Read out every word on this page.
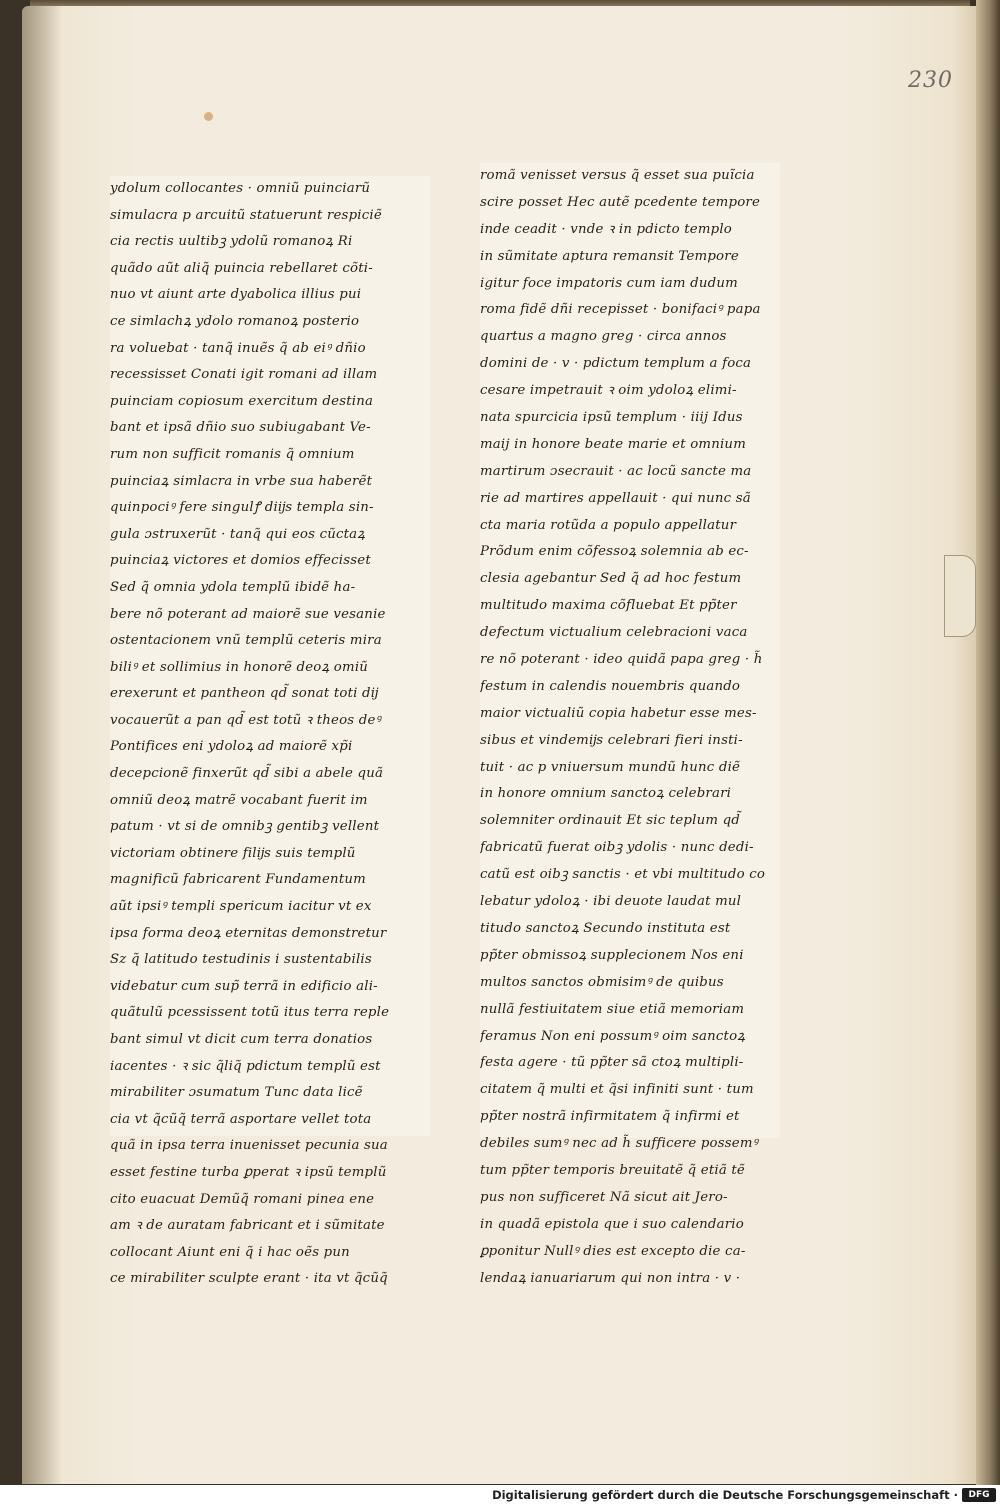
230
ydolum collocantes · omniũ puinciarũ
simulacra p arcuitũ statuerunt respiciẽ
cia rectis uultibꝫ ydolũ romanoꝝ Ri
quãdo aũt aliq̃ puincia rebellaret cõti-
nuo vt aiunt arte dyabolica illius pui
ce simlachꝝ ydolo romanoꝝ posterio
ra voluebat · tanq̃ inuẽs q̃ ab eiꝰ dñio
recessisset Conati igit romani ad illam
puinciam copiosum exercitum destina
bant et ipsã dñio suo subiugabant Ve-
rum non sufficit romanis q̃ omnium
puinciaꝝ simlacra in vrbe sua haberẽt
quinpociꝰ fere singulꝭ diĳs templa sin-
gula ɔstruxerũt · tanq̃ qui eos cũctaꝝ
puinciaꝝ victores et domios effecisset
Sed q̃ omnia ydola templũ ibidẽ ha-
bere nõ poterant ad maiorẽ sue vesanie
ostentacionem vnũ templũ ceteris mira
biliꝰ et sollimius in honorẽ deoꝝ omiũ
erexerunt et pantheon qd̃ sonat toti dĳ
vocauerũt a pan qd̃ est totũ ꝛ theos deꝰ
Pontifices eni ydoloꝝ ad maiorẽ xp̃i
decepcionẽ finxerũt qd̃ sibi a abele quã
omniũ deoꝝ matrẽ vocabant fuerit im
patum · vt si de omnibꝫ gentibꝫ vellent
victoriam obtinere filĳs suis templũ
magnificũ fabricarent Fundamentum
aũt ipsiꝰ templi spericum iacitur vt ex
ipsa forma deoꝝ eternitas demonstretur
Sz q̃ latitudo testudinis i sustentabilis
videbatur cum sup̃ terrã in edificio ali-
quãtulũ pcessissent totũ itus terra reple
bant simul vt dicit cum terra donatios
iacentes · ꝛ sic q̃liq̃ pdictum templũ est
mirabiliter ɔsumatum Tunc data licẽ
cia vt q̃cũq̃ terrã asportare vellet tota
quã in ipsa terra inuenisset pecunia sua
esset festine turba ꝑperat ꝛ ipsũ templũ
cito euacuat Demũq̃ romani pinea ene
am ꝛ de auratam fabricant et i sũmitate
collocant Aiunt eni q̃ i hac oẽs pun
ce mirabiliter sculpte erant · ita vt q̃cũq̃
romã venisset versus q̃ esset sua puĩcia
scire posset Hec autẽ pcedente tempore
inde ceadit · vnde ꝛ in pdicto templo
in sũmitate aptura remansit Tempore
igitur foce impatoris cum iam dudum
roma fidẽ dñi recepisset · bonifaciꝰ papa
quartus a magno greg · circa annos
domini de · v · pdictum templum a foca
cesare impetrauit ꝛ oim ydoloꝝ elimi-
nata spurcicia ipsũ templum · iiij Idus
maij in honore beate marie et omnium
martirum ɔsecrauit · ac locũ sancte ma
rie ad martires appellauit · qui nunc sã
cta maria rotũda a populo appellatur
Prõdum enim cõfessoꝝ solemnia ab ec-
clesia agebantur Sed q̃ ad hoc festum
multitudo maxima cõfluebat Et pp̃ter
defectum victualium celebracioni vaca
re nõ poterant · ideo quidã papa greg · h̃
festum in calendis nouembris quando
maior victualiũ copia habetur esse mes-
sibus et vindemĳs celebrari fieri insti-
tuit · ac p vniuersum mundũ hunc diẽ
in honore omnium sanctoꝝ celebrari
solemniter ordinauit Et sic teplum qd̃
fabricatũ fuerat oibꝫ ydolis · nunc dedi-
catũ est oibꝫ sanctis · et vbi multitudo co
lebatur ydoloꝝ · ibi deuote laudat mul
titudo sanctoꝝ Secundo instituta est
pp̃ter obmissoꝝ supplecionem Nos eni
multos sanctos obmisimꝰ de quibus
nullã festiuitatem siue etiã memoriam
feramus Non eni possumꝰ oim sanctoꝝ
festa agere · tũ pp̃ter sã ctoꝝ multipli-
citatem q̃ multi et q̃si infiniti sunt · tum
pp̃ter nostrã infirmitatem q̃ infirmi et
debiles sumꝰ nec ad h̃ sufficere possemꝰ
tum pp̃ter temporis breuitatẽ q̃ etiã tẽ
pus non sufficeret Nã sicut ait Jero-
in quadã epistola que i suo calendario
ꝑponitur Nullꝰ dies est excepto die ca-
lendaꝝ ianuariarum qui non intra · v ·
Digitalisierung gefördert durch die Deutsche Forschungsgemeinschaft ·	DFG
